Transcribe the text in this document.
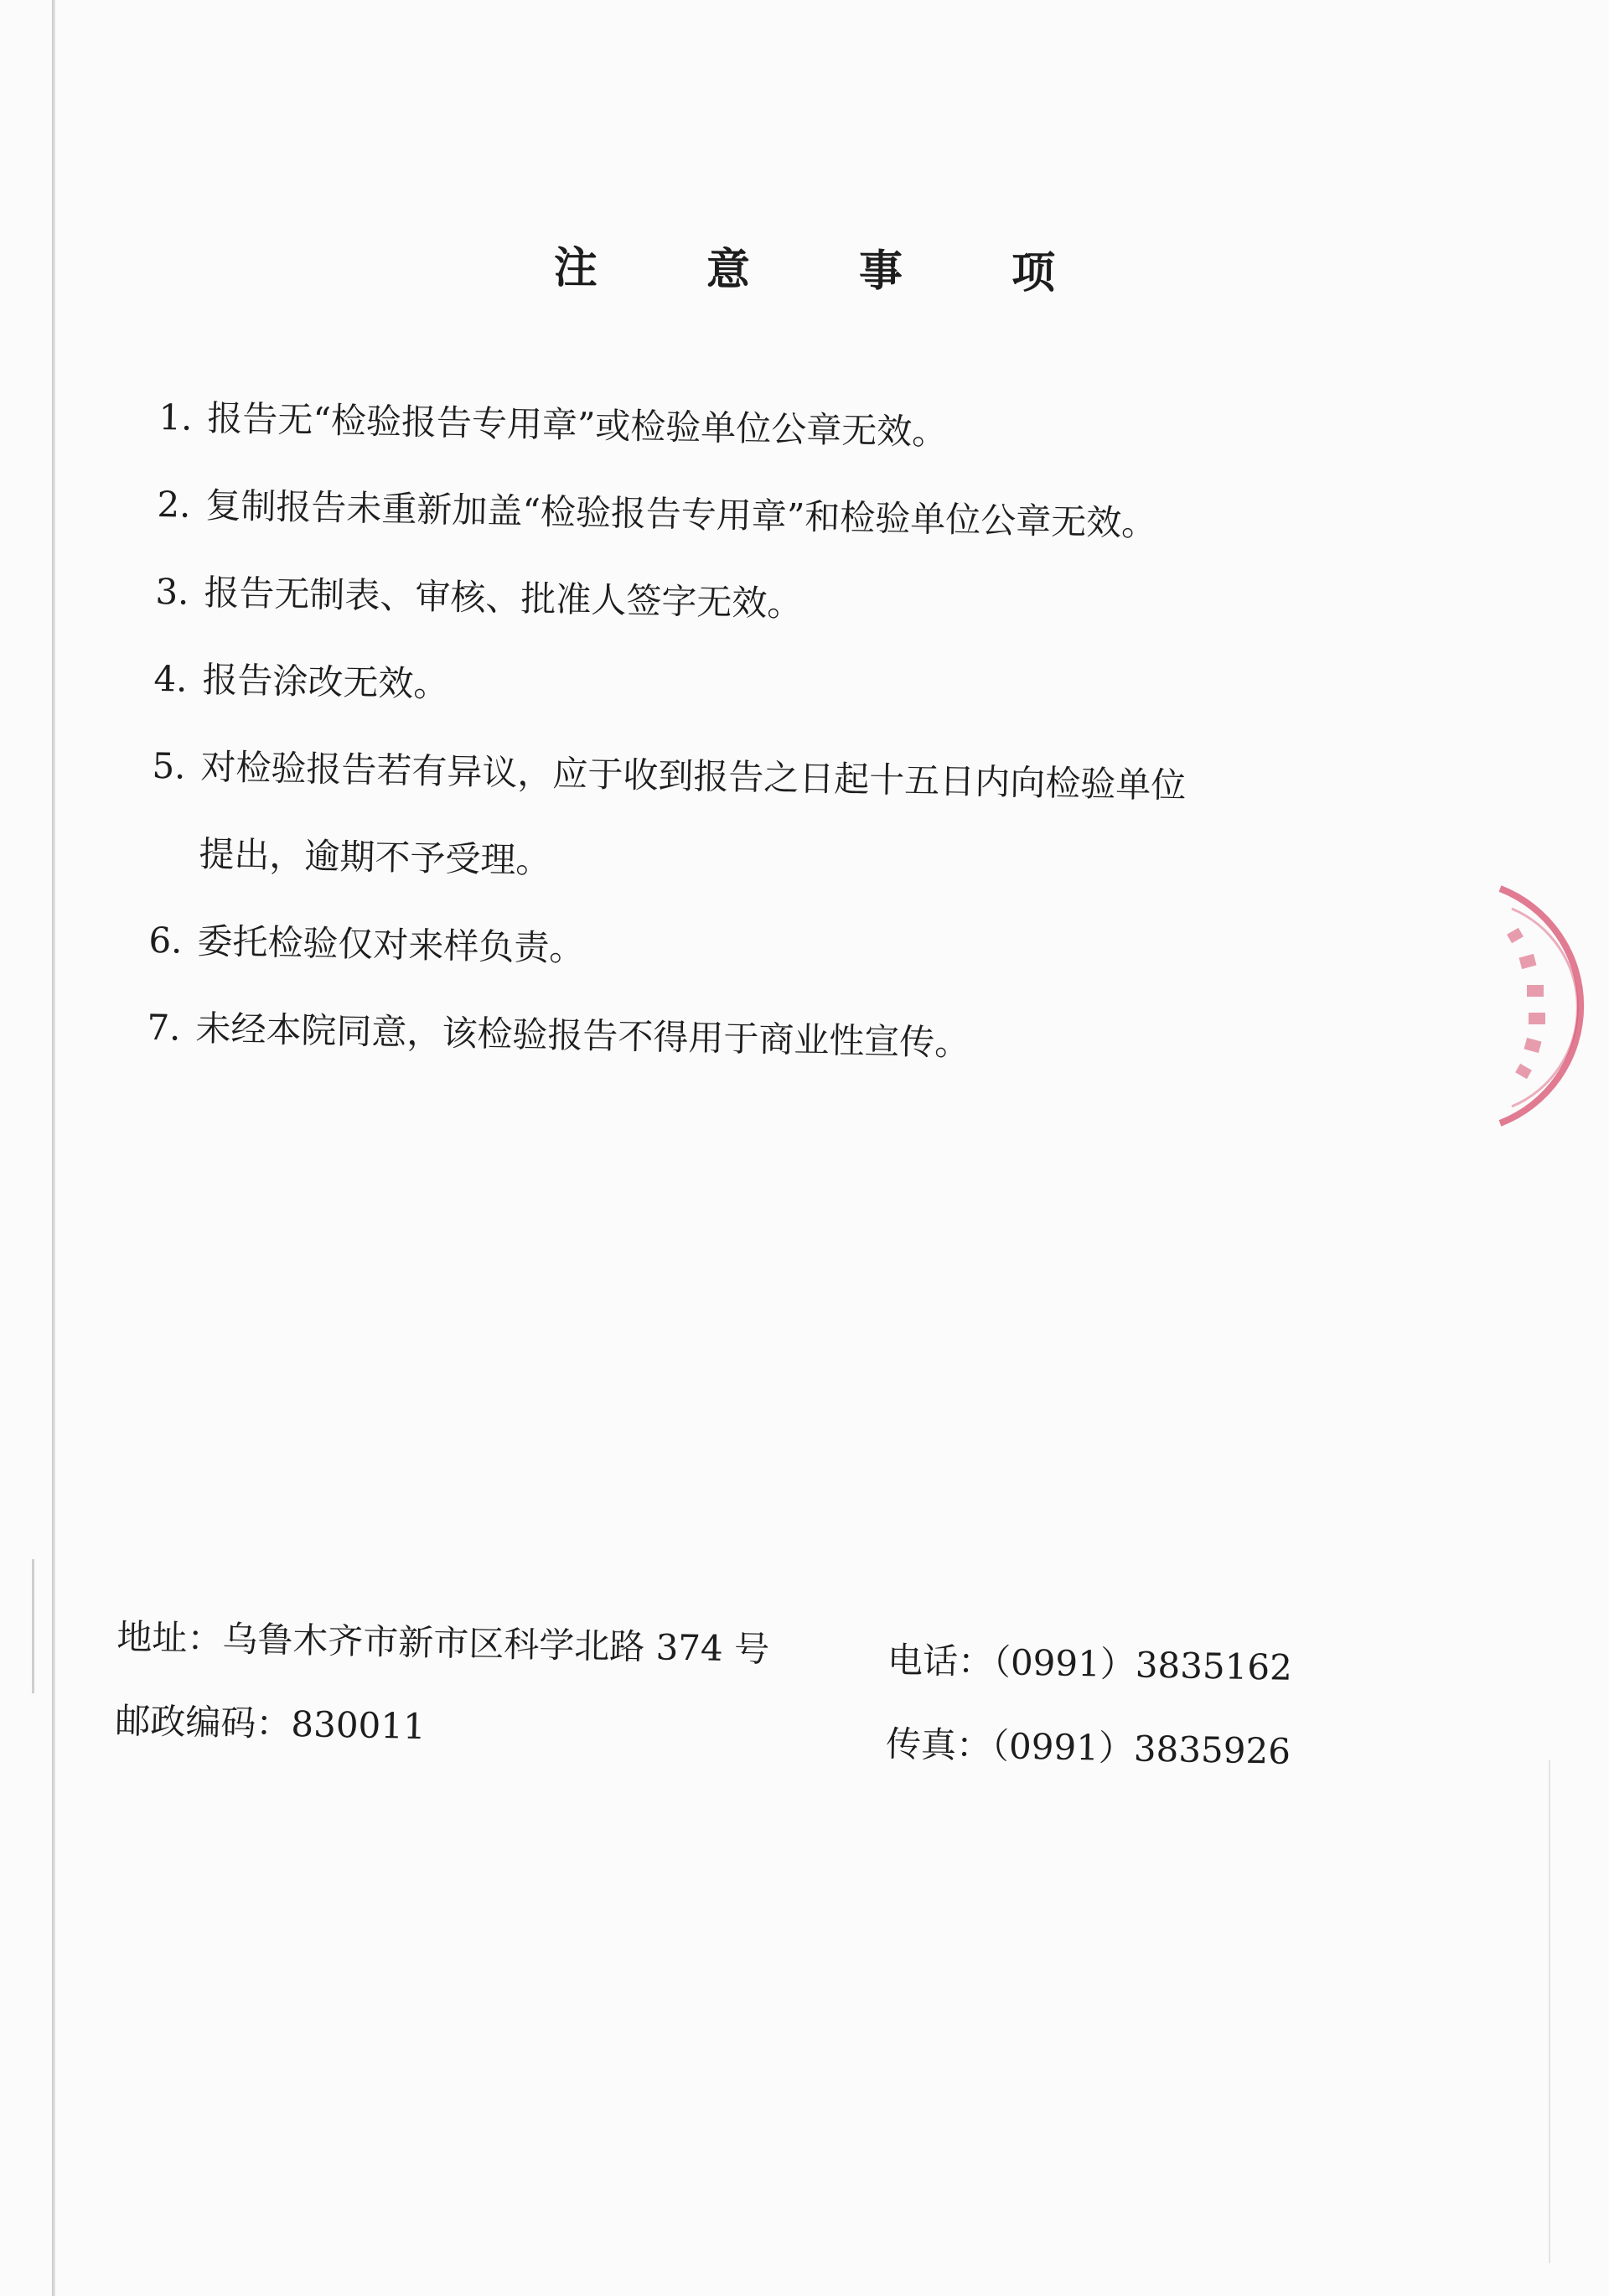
注 意 事 项
1. 报告无“检验报告专用章”或检验单位公章无效。
2. 复制报告未重新加盖“检验报告专用章”和检验单位公章无效。
3. 报告无制表、审核、批准人签字无效。
4. 报告涂改无效。
5. 对检验报告若有异议，应于收到报告之日起十五日内向检验单位
提出，逾期不予受理。
6. 委托检验仅对来样负责。
7. 未经本院同意，该检验报告不得用于商业性宣传。
地址：乌鲁木齐市新市区科学北路 374 号	电话：（0991）3835162
邮政编码：830011	传真：（0991）3835926
